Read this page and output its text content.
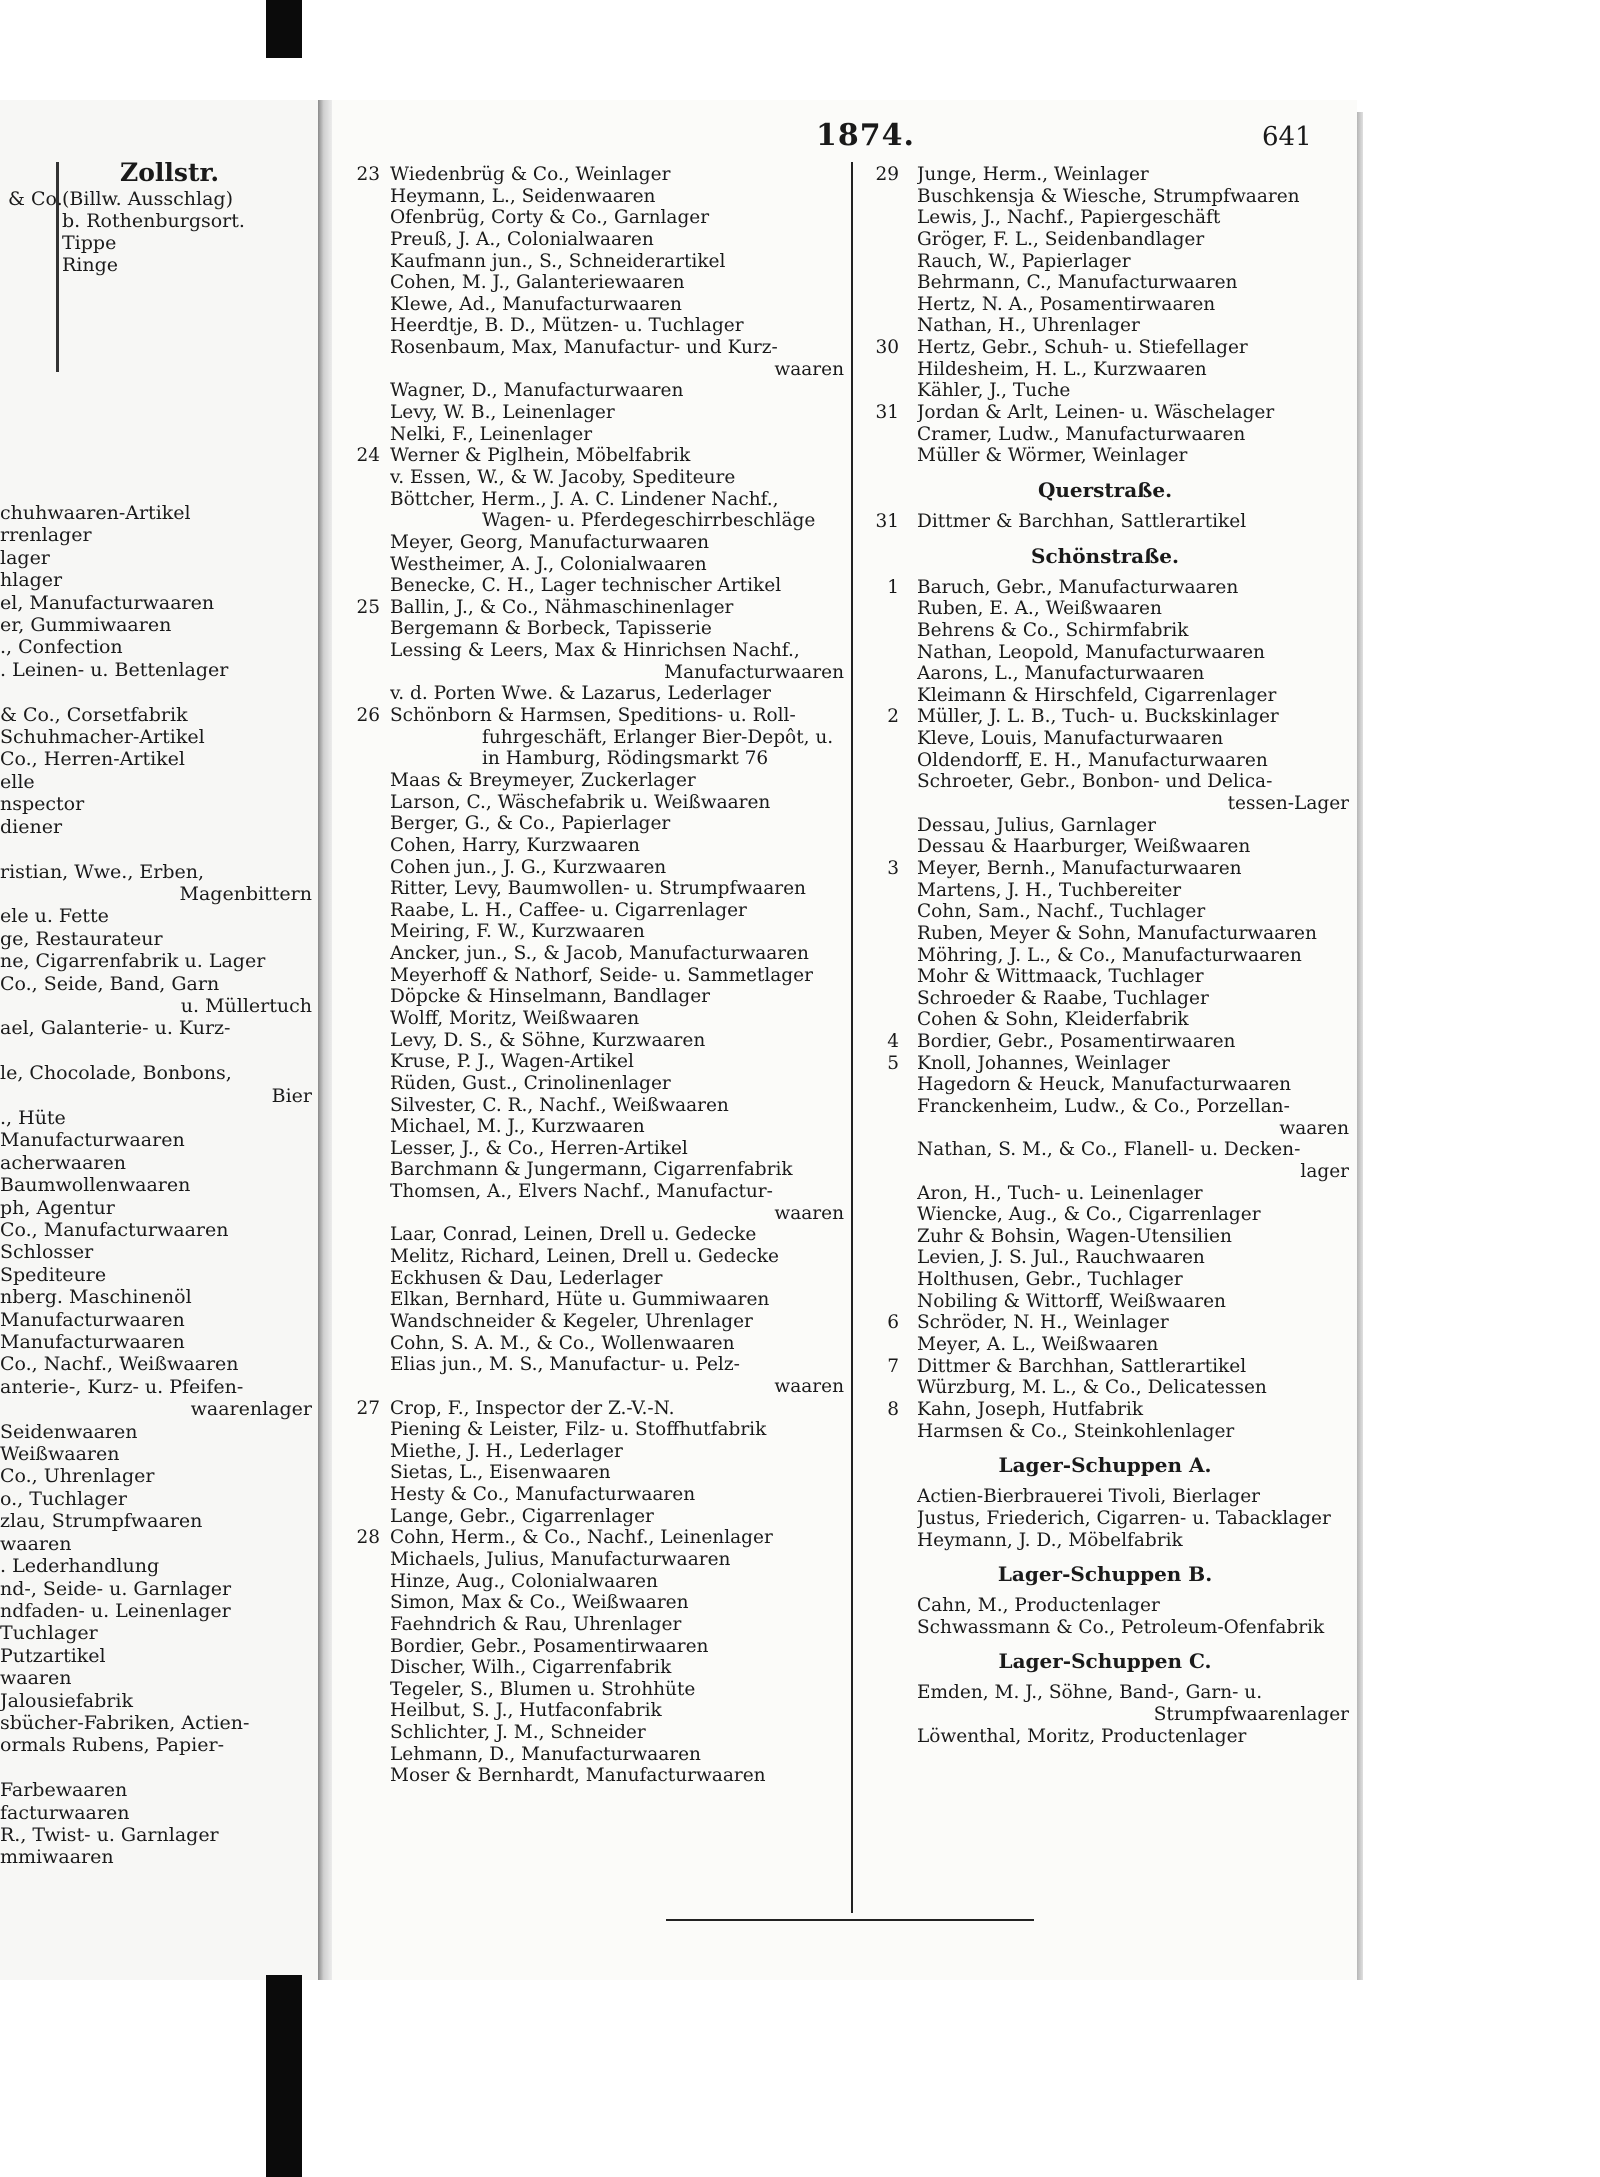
Zollstr.
& Co. (Billw. Ausschlag)
b. Rothenburgsort.
Tippe
Ringe
chuhwaaren-Artikel
rrenlager
lager
hlager
el, Manufacturwaaren
er, Gummiwaaren
., Confection
. Leinen- u. Bettenlager

& Co., Corsetfabrik
Schuhmacher-Artikel
Co., Herren-Artikel
elle
nspector
diener

ristian, Wwe., Erben,
Magenbittern
ele u. Fette
ge, Restaurateur
ne, Cigarrenfabrik u. Lager
Co., Seide, Band, Garn
u. Müllertuch
ael, Galanterie- u. Kurz-

le, Chocolade, Bonbons,
Bier
., Hüte
Manufacturwaaren
acherwaaren
Baumwollenwaaren
ph, Agentur
Co., Manufacturwaaren
Schlosser
Spediteure
nberg. Maschinenöl
Manufacturwaaren
Manufacturwaaren
Co., Nachf., Weißwaaren
anterie-, Kurz- u. Pfeifen-
waarenlager
Seidenwaaren
Weißwaaren
Co., Uhrenlager
o., Tuchlager
zlau, Strumpfwaaren
waaren
. Lederhandlung
nd-, Seide- u. Garnlager
ndfaden- u. Leinenlager
Tuchlager
Putzartikel
waaren
Jalousiefabrik
sbücher-Fabriken, Actien-
ormals Rubens, Papier-

Farbewaaren
facturwaaren
R., Twist- u. Garnlager
mmiwaaren
1874.	641
23 Wiedenbrüg & Co., Weinlager
Heymann, L., Seidenwaaren
Ofenbrüg, Corty & Co., Garnlager
Preuß, J. A., Colonialwaaren
Kaufmann jun., S., Schneiderartikel
Cohen, M. J., Galanteriewaaren
Klewe, Ad., Manufacturwaaren
Heerdtje, B. D., Mützen- u. Tuchlager
Rosenbaum, Max, Manufactur- und Kurz-
waaren
Wagner, D., Manufacturwaaren
Levy, W. B., Leinenlager
Nelki, F., Leinenlager
24 Werner & Piglhein, Möbelfabrik
v. Essen, W., & W. Jacoby, Spediteure
Böttcher, Herm., J. A. C. Lindener Nachf.,
Wagen- u. Pferdegeschirrbeschläge
Meyer, Georg, Manufacturwaaren
Westheimer, A. J., Colonialwaaren
Benecke, C. H., Lager technischer Artikel
25 Ballin, J., & Co., Nähmaschinenlager
Bergemann & Borbeck, Tapisserie
Lessing & Leers, Max & Hinrichsen Nachf.,
Manufacturwaaren
v. d. Porten Wwe. & Lazarus, Lederlager
26 Schönborn & Harmsen, Speditions- u. Roll-
fuhrgeschäft, Erlanger Bier-Depôt, u.
in Hamburg, Rödingsmarkt 76
Maas & Breymeyer, Zuckerlager
Larson, C., Wäschefabrik u. Weißwaaren
Berger, G., & Co., Papierlager
Cohen, Harry, Kurzwaaren
Cohen jun., J. G., Kurzwaaren
Ritter, Levy, Baumwollen- u. Strumpfwaaren
Raabe, L. H., Caffee- u. Cigarrenlager
Meiring, F. W., Kurzwaaren
Ancker, jun., S., & Jacob, Manufacturwaaren
Meyerhoff & Nathorf, Seide- u. Sammetlager
Döpcke & Hinselmann, Bandlager
Wolff, Moritz, Weißwaaren
Levy, D. S., & Söhne, Kurzwaaren
Kruse, P. J., Wagen-Artikel
Rüden, Gust., Crinolinenlager
Silvester, C. R., Nachf., Weißwaaren
Michael, M. J., Kurzwaaren
Lesser, J., & Co., Herren-Artikel
Barchmann & Jungermann, Cigarrenfabrik
Thomsen, A., Elvers Nachf., Manufactur-
waaren
Laar, Conrad, Leinen, Drell u. Gedecke
Melitz, Richard, Leinen, Drell u. Gedecke
Eckhusen & Dau, Lederlager
Elkan, Bernhard, Hüte u. Gummiwaaren
Wandschneider & Kegeler, Uhrenlager
Cohn, S. A. M., & Co., Wollenwaaren
Elias jun., M. S., Manufactur- u. Pelz-
waaren
27 Crop, F., Inspector der Z.-V.-N.
Piening & Leister, Filz- u. Stoffhutfabrik
Miethe, J. H., Lederlager
Sietas, L., Eisenwaaren
Hesty & Co., Manufacturwaaren
Lange, Gebr., Cigarrenlager
28 Cohn, Herm., & Co., Nachf., Leinenlager
Michaels, Julius, Manufacturwaaren
Hinze, Aug., Colonialwaaren
Simon, Max & Co., Weißwaaren
Faehndrich & Rau, Uhrenlager
Bordier, Gebr., Posamentirwaaren
Discher, Wilh., Cigarrenfabrik
Tegeler, S., Blumen u. Strohhüte
Heilbut, S. J., Hutfaconfabrik
Schlichter, J. M., Schneider
Lehmann, D., Manufacturwaaren
Moser & Bernhardt, Manufacturwaaren
29 Junge, Herm., Weinlager
Buschkensja & Wiesche, Strumpfwaaren
Lewis, J., Nachf., Papiergeschäft
Gröger, F. L., Seidenbandlager
Rauch, W., Papierlager
Behrmann, C., Manufacturwaaren
Hertz, N. A., Posamentirwaaren
Nathan, H., Uhrenlager
30 Hertz, Gebr., Schuh- u. Stiefellager
Hildesheim, H. L., Kurzwaaren
Kähler, J., Tuche
31 Jordan & Arlt, Leinen- u. Wäschelager
Cramer, Ludw., Manufacturwaaren
Müller & Wörmer, Weinlager
Querstraße.
31 Dittmer & Barchhan, Sattlerartikel
Schönstraße.
1 Baruch, Gebr., Manufacturwaaren
Ruben, E. A., Weißwaaren
Behrens & Co., Schirmfabrik
Nathan, Leopold, Manufacturwaaren
Aarons, L., Manufacturwaaren
Kleimann & Hirschfeld, Cigarrenlager
2 Müller, J. L. B., Tuch- u. Buckskinlager
Kleve, Louis, Manufacturwaaren
Oldendorff, E. H., Manufacturwaaren
Schroeter, Gebr., Bonbon- und Delica-
tessen-Lager
Dessau, Julius, Garnlager
Dessau & Haarburger, Weißwaaren
3 Meyer, Bernh., Manufacturwaaren
Martens, J. H., Tuchbereiter
Cohn, Sam., Nachf., Tuchlager
Ruben, Meyer & Sohn, Manufacturwaaren
Möhring, J. L., & Co., Manufacturwaaren
Mohr & Wittmaack, Tuchlager
Schroeder & Raabe, Tuchlager
Cohen & Sohn, Kleiderfabrik
4 Bordier, Gebr., Posamentirwaaren
5 Knoll, Johannes, Weinlager
Hagedorn & Heuck, Manufacturwaaren
Franckenheim, Ludw., & Co., Porzellan-
waaren
Nathan, S. M., & Co., Flanell- u. Decken-
lager
Aron, H., Tuch- u. Leinenlager
Wiencke, Aug., & Co., Cigarrenlager
Zuhr & Bohsin, Wagen-Utensilien
Levien, J. S. Jul., Rauchwaaren
Holthusen, Gebr., Tuchlager
Nobiling & Wittorff, Weißwaaren
6 Schröder, N. H., Weinlager
Meyer, A. L., Weißwaaren
7 Dittmer & Barchhan, Sattlerartikel
Würzburg, M. L., & Co., Delicatessen
8 Kahn, Joseph, Hutfabrik
Harmsen & Co., Steinkohlenlager
Lager-Schuppen A.
Actien-Bierbrauerei Tivoli, Bierlager
Justus, Friederich, Cigarren- u. Tabacklager
Heymann, J. D., Möbelfabrik
Lager-Schuppen B.
Cahn, M., Productenlager
Schwassmann & Co., Petroleum-Ofenfabrik
Lager-Schuppen C.
Emden, M. J., Söhne, Band-, Garn- u.
Strumpfwaarenlager
Löwenthal, Moritz, Productenlager
